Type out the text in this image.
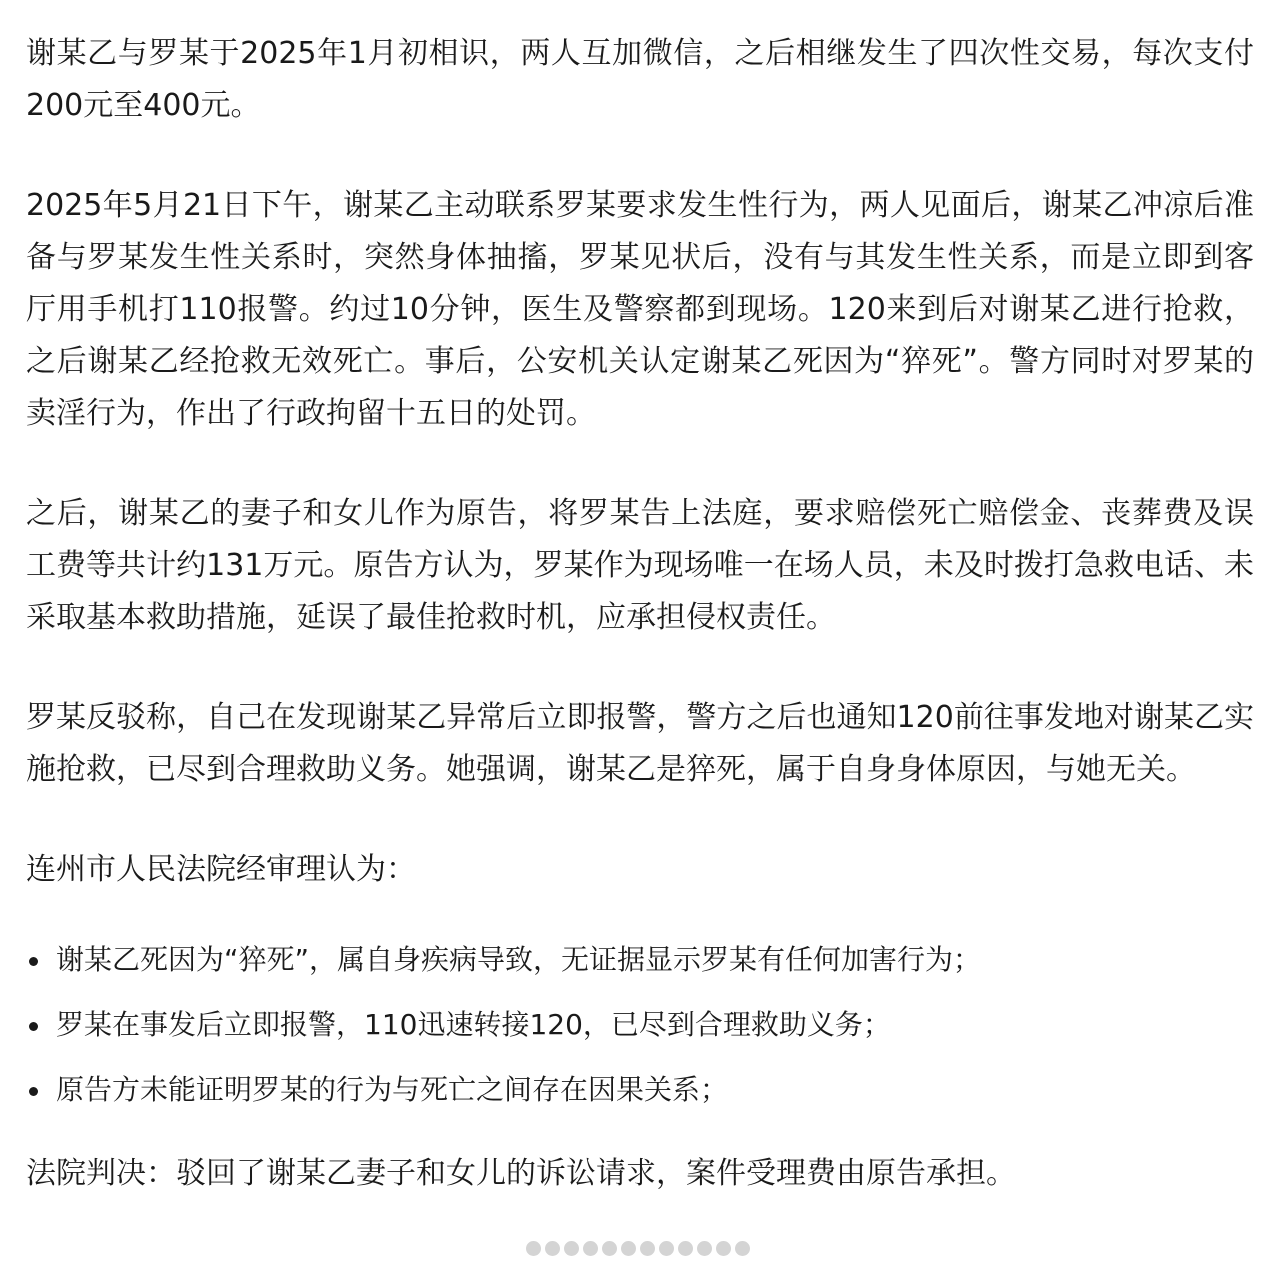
谢某乙与罗某于2025年1月初相识，两人互加微信，之后相继发生了四次性交易，每次支付200元至400元。

2025年5月21日下午，谢某乙主动联系罗某要求发生性行为，两人见面后，谢某乙冲凉后准备与罗某发生性关系时，突然身体抽搐，罗某见状后，没有与其发生性关系，而是立即到客厅用手机打110报警。约过10分钟，医生及警察都到现场。120来到后对谢某乙进行抢救，之后谢某乙经抢救无效死亡。事后，公安机关认定谢某乙死因为“猝死”。警方同时对罗某的卖淫行为，作出了行政拘留十五日的处罚。

之后，谢某乙的妻子和女儿作为原告，将罗某告上法庭，要求赔偿死亡赔偿金、丧葬费及误工费等共计约131万元。原告方认为，罗某作为现场唯一在场人员，未及时拨打急救电话、未采取基本救助措施，延误了最佳抢救时机，应承担侵权责任。

罗某反驳称，自己在发现谢某乙异常后立即报警，警方之后也通知120前往事发地对谢某乙实施抢救，已尽到合理救助义务。她强调，谢某乙是猝死，属于自身身体原因，与她无关。

连州市人民法院经审理认为：

谢某乙死因为“猝死”，属自身疾病导致，无证据显示罗某有任何加害行为；
罗某在事发后立即报警，110迅速转接120，已尽到合理救助义务；
原告方未能证明罗某的行为与死亡之间存在因果关系；

法院判决：驳回了谢某乙妻子和女儿的诉讼请求，案件受理费由原告承担。
